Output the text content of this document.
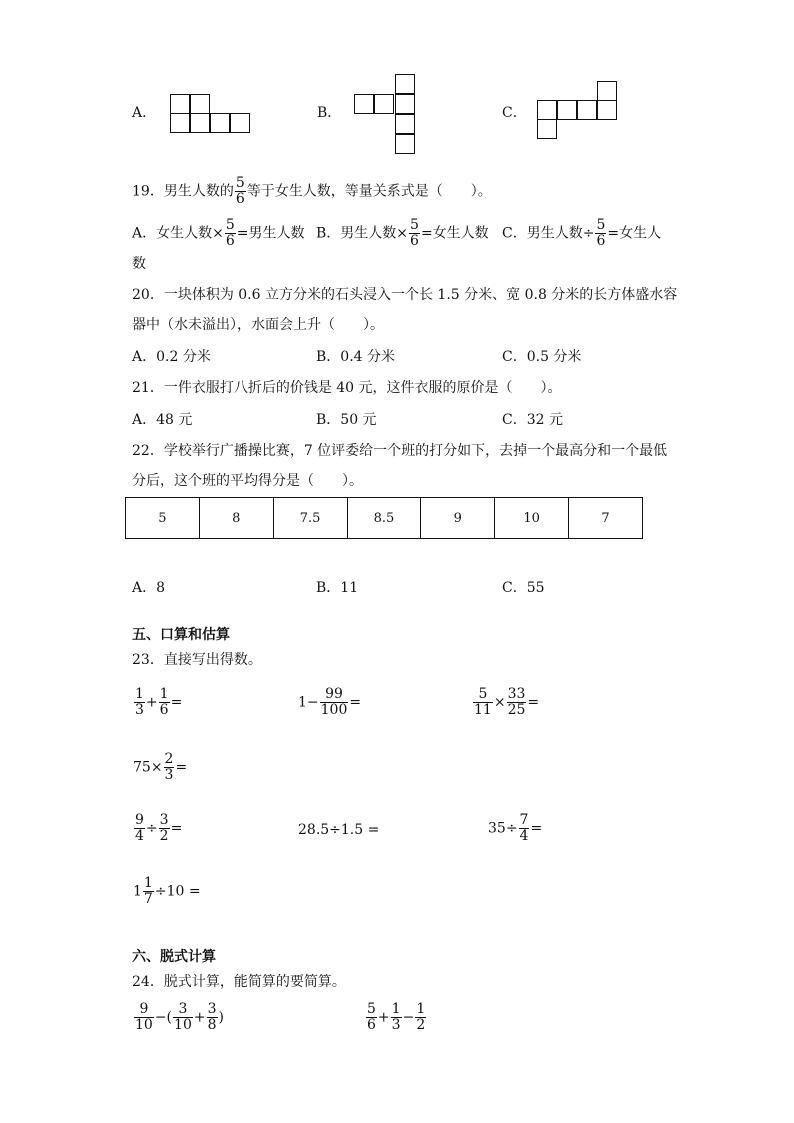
A．	B．	C．
19．男生人数的 $\frac{5}{6}$ 等于女生人数，等量关系式是（　　）。
A．女生人数× $\frac{5}{6}$ =男生人数 B．男生人数× $\frac{5}{6}$ =女生人数 C．男生人数÷ $\frac{5}{6}$ =女生人
数
20．一块体积为 0.6 立方分米的石头浸入一个长 1.5 分米、宽 0.8 分米的长方体盛水容
器中（水未溢出），水面会上升（　　）。
A．0.2 分米	B．0.4 分米	C．0.5 分米
21．一件衣服打八折后的价钱是 40 元，这件衣服的原价是（　　）。
A．48 元	B．50 元	C．32 元
22．学校举行广播操比赛，7 位评委给一个班的打分如下，去掉一个最高分和一个最低
分后，这个班的平均得分是（　　）。
5	8	7.5	8.5	9	10	7
A．8	B．11	C．55
五、口算和估算
23．直接写出得数。
$\frac{1}{3} + \frac{1}{6}$ =	$1- \frac{99}{100}$ =	$\frac{5}{11} \times \frac{33}{25}$ =
$75\times \frac{2}{3}$ =
$\frac{9}{4} \div \frac{3}{2}$ =	28.5÷1.5 =	$35\div \frac{7}{4}$ =
$1 \frac{1}{7} \div 10$ =
六、脱式计算
24．脱式计算，能简算的要简算。
$\frac{9}{10}$ −( $\frac{3}{10} + \frac{3}{8}$ )	$\frac{5}{6} + \frac{1}{3} - \frac{1}{2}$
